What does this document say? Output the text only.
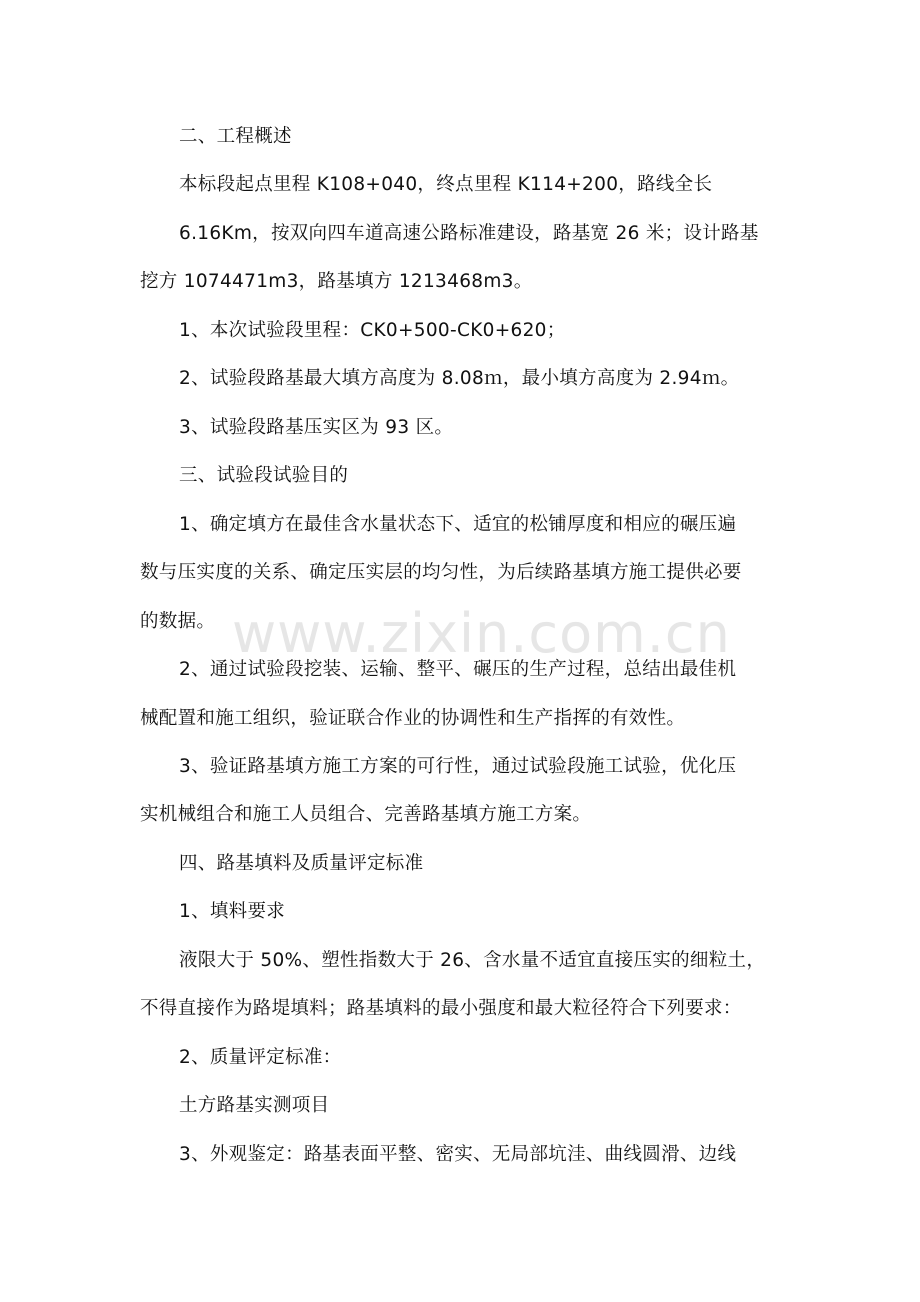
www.zixin.com.cn
二、工程概述
本标段起点里程 K108+040，终点里程 K114+200，路线全长
6.16Km，按双向四车道高速公路标准建设，路基宽 26 米；设计路基
挖方 1074471m3，路基填方 1213468m3。
1、本次试验段里程：CK0+500-CK0+620；
2、试验段路基最大填方高度为 8.08ｍ，最小填方高度为 2.94ｍ。
3、试验段路基压实区为 93 区。
三、试验段试验目的
1、确定填方在最佳含水量状态下、适宜的松铺厚度和相应的碾压遍
数与压实度的关系、确定压实层的均匀性，为后续路基填方施工提供必要
的数据。
2、通过试验段挖装、运输、整平、碾压的生产过程，总结出最佳机
械配置和施工组织，验证联合作业的协调性和生产指挥的有效性。
3、验证路基填方施工方案的可行性，通过试验段施工试验，优化压
实机械组合和施工人员组合、完善路基填方施工方案。
四、路基填料及质量评定标准
1、填料要求
液限大于 50%、塑性指数大于 26、含水量不适宜直接压实的细粒土，
不得直接作为路堤填料；路基填料的最小强度和最大粒径符合下列要求：
2、质量评定标准：
土方路基实测项目
3、外观鉴定：路基表面平整、密实、无局部坑洼、曲线圆滑、边线
